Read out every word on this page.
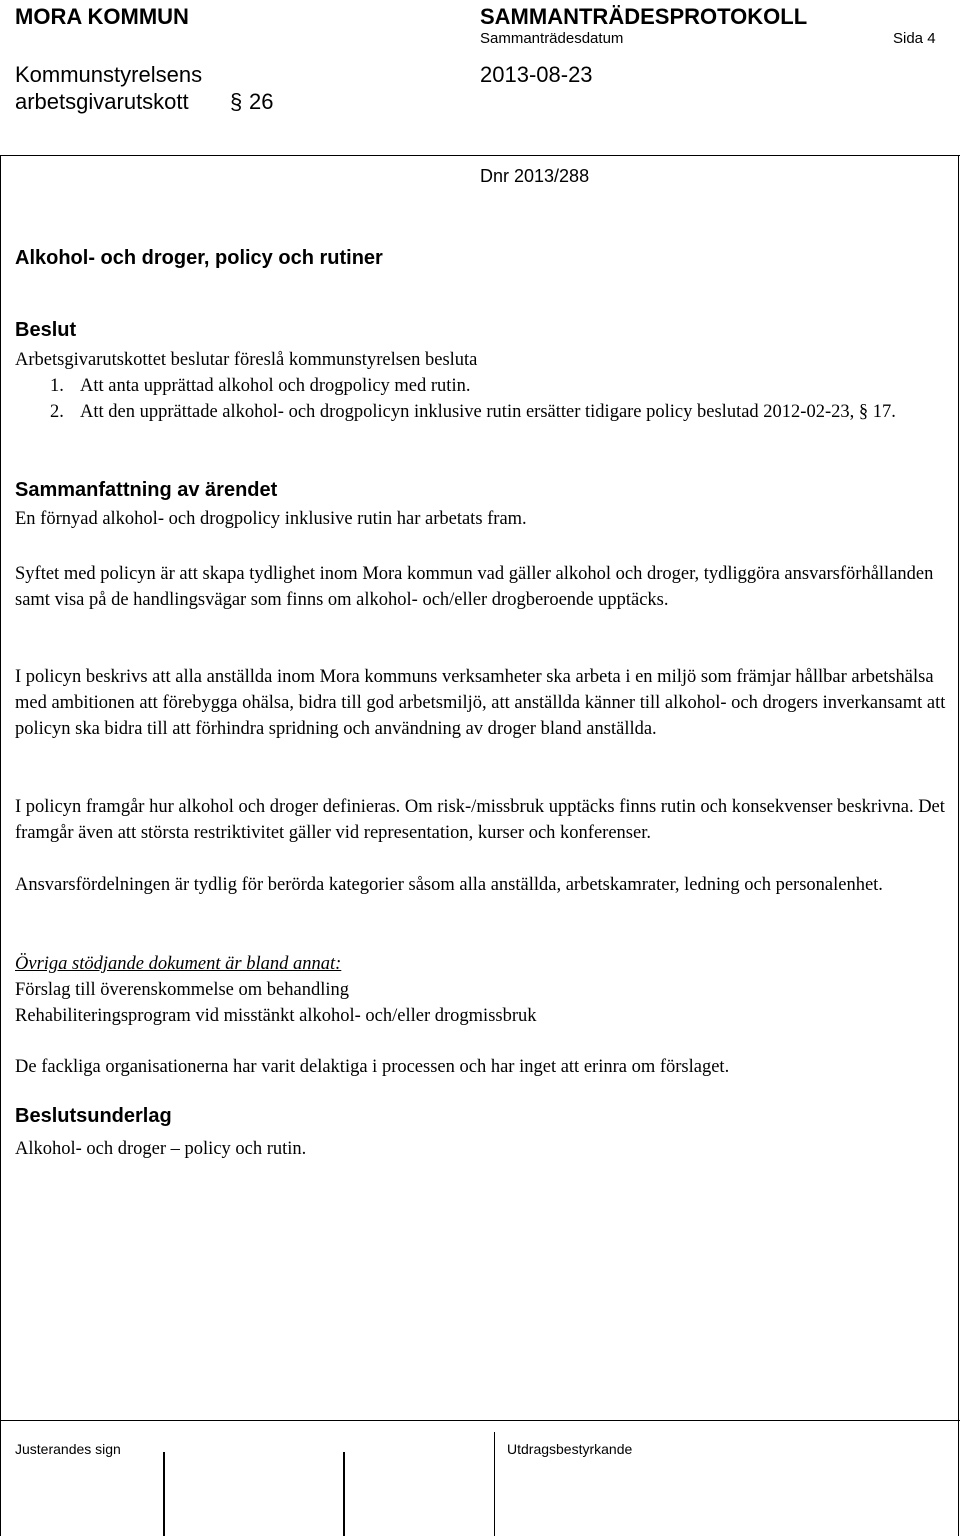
MORA KOMMUN	SAMMANTRÄDESPROTOKOLL
Sammanträdesdatum	Sida 4
Kommunstyrelsens	2013-08-23
arbetsgivarutskott § 26
Dnr 2013/288
Alkohol- och droger, policy och rutiner
Beslut
Arbetsgivarutskottet beslutar föreslå kommunstyrelsen besluta
1. Att anta upprättad alkohol och drogpolicy med rutin.
2. Att den upprättade alkohol- och drogpolicyn inklusive rutin ersätter tidigare policy beslutad 2012-02-23, § 17.
Sammanfattning av ärendet
En förnyad alkohol- och drogpolicy inklusive rutin har arbetats fram.
Syftet med policyn är att skapa tydlighet inom Mora kommun vad gäller alkohol och droger, tydliggöra ansvarsförhållanden samt visa på de handlingsvägar som finns om alkohol- och/eller drogberoende upptäcks.
I policyn beskrivs att alla anställda inom Mora kommuns verksamheter ska arbeta i en miljö som främjar hållbar arbetshälsa med ambitionen att förebygga ohälsa, bidra till god arbetsmiljö, att anställda känner till alkohol- och drogers inverkansamt att policyn ska bidra till att förhindra spridning och användning av droger bland anställda.
I policyn framgår hur alkohol och droger definieras. Om risk-/missbruk upptäcks finns rutin och konsekvenser beskrivna. Det framgår även att största restriktivitet gäller vid representation, kurser och konferenser.
Ansvarsfördelningen är tydlig för berörda kategorier såsom alla anställda, arbetskamrater, ledning och personalenhet.
Övriga stödjande dokument är bland annat:
Förslag till överenskommelse om behandling
Rehabiliteringsprogram vid misstänkt alkohol- och/eller drogmissbruk
De fackliga organisationerna har varit delaktiga i processen och har inget att erinra om förslaget.
Beslutsunderlag
Alkohol- och droger – policy och rutin.
Justerandes sign	Utdragsbestyrkande
